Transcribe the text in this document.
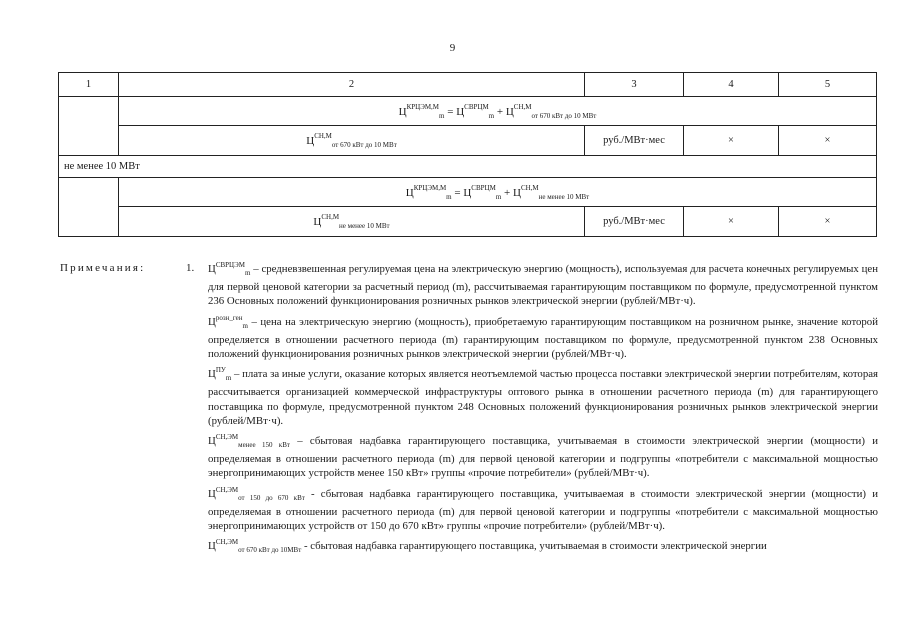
9
1	2	3	4	5
	$Ц^{КРЦЭМ,М}_m = Ц^{СВРЦМ}_m + Ц^{СН,М}_{от 670 кВт до 10 МВт}$
	$Ц^{СН,М}_{от 670 кВт до 10 МВт}$	руб./МВт·мес	×	×
не менее 10 МВт				
	$Ц^{КРЦЭМ,М}_m = Ц^{СВРЦМ}_m + Ц^{СН,М}_{не менее 10 МВт}$
	$Ц^{СН,М}_{не менее 10 МВт}$	руб./МВт·мес	×	×
Примечания:	1. $Ц^{СВРЦЭМ}_m$ – средневзвешенная регулируемая цена на электрическую энергию (мощность), используемая для расчета конечных регулируемых цен для первой ценовой категории за расчетный период (m), рассчитываемая гарантирующим поставщиком по формуле, предусмотренной пунктом 236 Основных положений функционирования розничных рынков электрической энергии (рублей/МВт·ч).

$Ц^{розн\_ген}_m$ – цена на электрическую энергию (мощность), приобретаемую гарантирующим поставщиком на розничном рынке, значение которой определяется в отношении расчетного периода (m) гарантирующим поставщиком по формуле, предусмотренной пунктом 238 Основных положений функционирования розничных рынков электрической энергии (рублей/МВт·ч).

$Ц^{ПУ}_m$ – плата за иные услуги, оказание которых является неотъемлемой частью процесса поставки электрической энергии потребителям, которая рассчитывается организацией коммерческой инфраструктуры оптового рынка в отношении расчетного периода (m) для гарантирующего поставщика по формуле, предусмотренной пунктом 248 Основных положений функционирования розничных рынков электрической энергии (рублей/МВт·ч).

$Ц^{СН,ЭМ}_{менее 150 кВт}$ – сбытовая надбавка гарантирующего поставщика, учитываемая в стоимости электрической энергии (мощности) и определяемая в отношении расчетного периода (m) для первой ценовой категории и подгруппы «потребители с максимальной мощностью энергопринимающих устройств менее 150 кВт» группы «прочие потребители» (рублей/МВт·ч).

$Ц^{СН,ЭМ}_{от 150 до 670 кВт}$ - сбытовая надбавка гарантирующего поставщика, учитываемая в стоимости электрической энергии (мощности) и определяемая в отношении расчетного периода (m) для первой ценовой категории и подгруппы «потребители с максимальной мощностью энергопринимающих устройств от 150 до 670 кВт» группы «прочие потребители» (рублей/МВт·ч).

$Ц^{СН,ЭМ}_{от 670 кВт до 10МВт}$ - сбытовая надбавка гарантирующего поставщика, учитываемая в стоимости электрической энергии
